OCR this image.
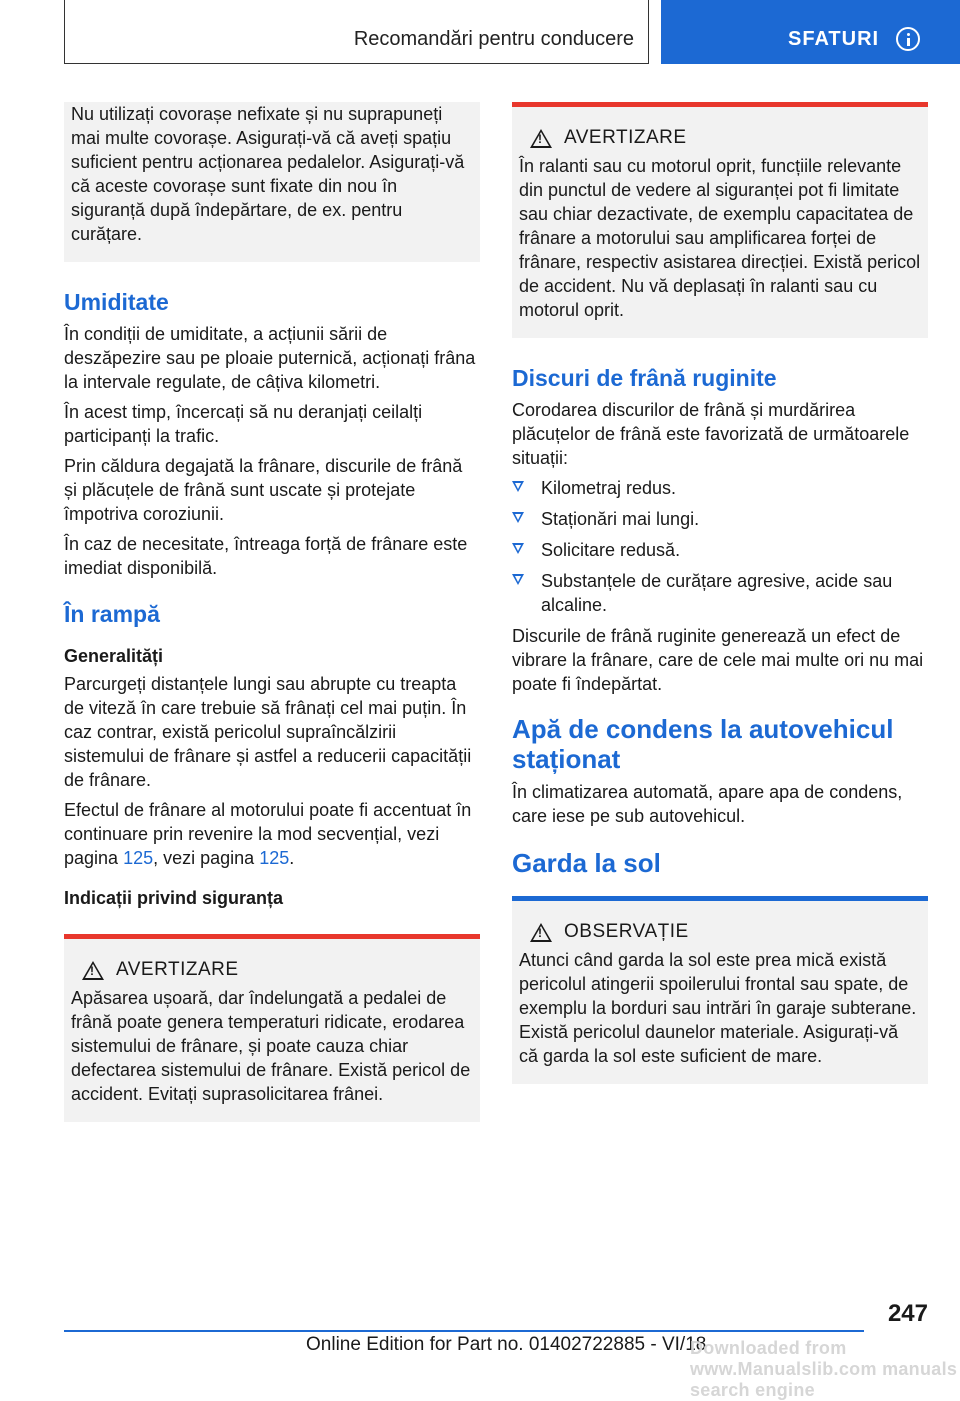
Recomandări pentru conducere	SFATURI

Nu utilizați covorașe nefixate și nu suprapuneți mai multe covorașe. Asigurați-vă că aveți spațiu suficient pentru acționarea pedalelor. Asigurați-vă că aceste covorașe sunt fixate din nou în siguranță după îndepărtare, de ex. pentru curățare.

Umiditate

În condiții de umiditate, a acțiunii sării de deszăpezire sau pe ploaie puternică, acționați frâna la intervale regulate, de câțiva kilometri.

În acest timp, încercați să nu deranjați ceilalți participanți la trafic.

Prin căldura degajată la frânare, discurile de frână și plăcuțele de frână sunt uscate și protejate împotriva coroziunii.

În caz de necesitate, întreaga forță de frânare este imediat disponibilă.

În rampă
Generalități

Parcurgeți distanțele lungi sau abrupte cu treapta de viteză în care trebuie să frânați cel mai puțin. În caz contrar, există pericolul supraîncălzirii sistemului de frânare și astfel a reducerii capacității de frânare.

Efectul de frânare al motorului poate fi accentuat în continuare prin revenire la mod secvențial, vezi pagina 125, vezi pagina 125.

Indicații privind siguranța
!
AVERTIZARE

Apăsarea ușoară, dar îndelungată a pedalei de frână poate genera temperaturi ridicate, erodarea sistemului de frânare, și poate cauza chiar defectarea sistemului de frânare. Există pericol de accident. Evitați suprasolicitarea frânei.

!
AVERTIZARE

În ralanti sau cu motorul oprit, funcțiile relevante din punctul de vedere al siguranței pot fi limitate sau chiar dezactivate, de exemplu capacitatea de frânare a motorului sau amplificarea forței de frânare, respectiv asistarea direcției. Există pericol de accident. Nu vă deplasați în ralanti sau cu motorul oprit.

Discuri de frână ruginite

Corodarea discurilor de frână și murdărirea plăcuțelor de frână este favorizată de următoarele situații:

Kilometraj redus.
Staționări mai lungi.
Solicitare redusă.
Substanțele de curățare agresive, acide sau alcaline.

Discurile de frână ruginite generează un efect de vibrare la frânare, care de cele mai multe ori nu mai poate fi îndepărtat.

Apă de condens la autovehicul staționat

În climatizarea automată, apare apa de condens, care iese pe sub autovehicul.

Garda la sol
!
OBSERVAȚIE

Atunci când garda la sol este prea mică există pericolul atingerii spoilerului frontal sau spate, de exemplu la borduri sau intrări în garaje subterane. Există pericolul daunelor materiale. Asigurați-vă că garda la sol este suficient de mare.

247
Online Edition for Part no. 01402722885 - VI/18
Downloaded from www.Manualslib.com manuals search engine
